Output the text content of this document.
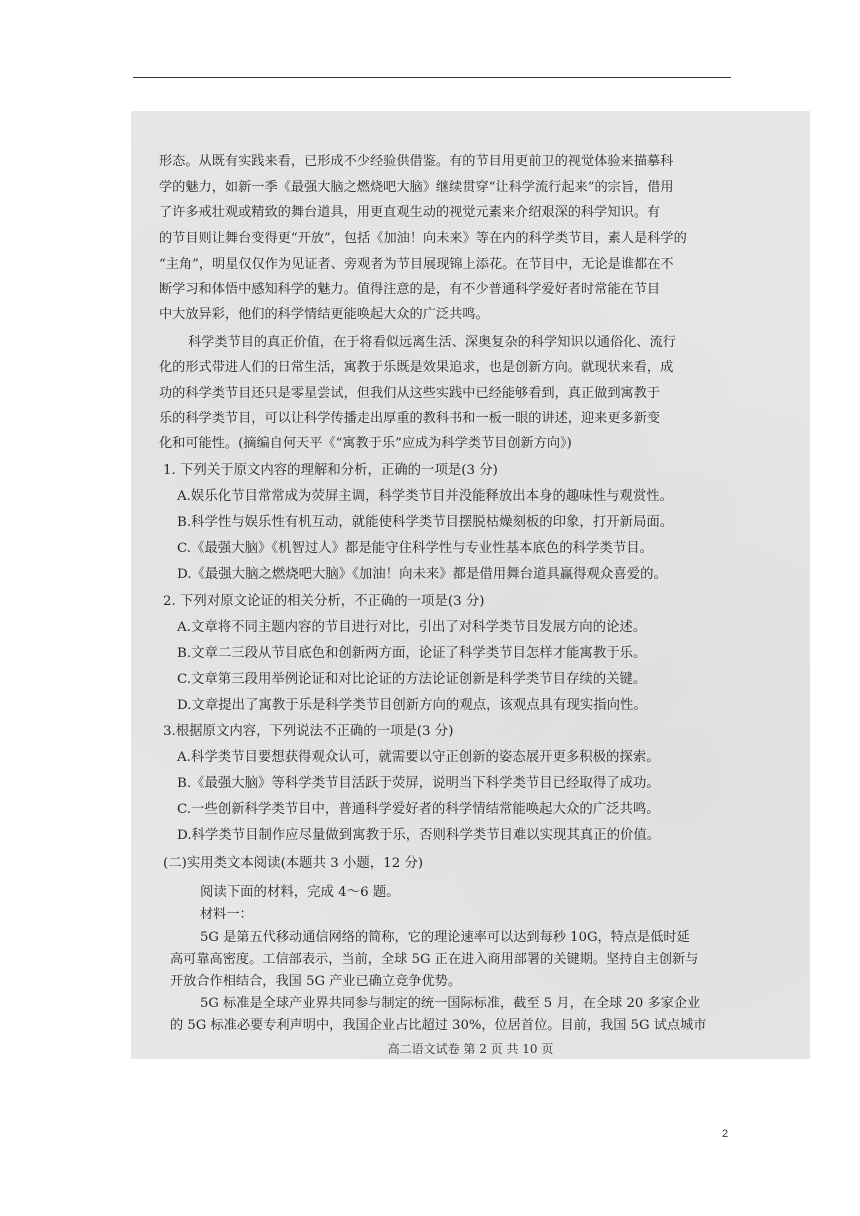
形态。从既有实践来看，已形成不少经验供借鉴。有的节目用更前卫的视觉体验来描摹科
学的魅力，如新一季《最强大脑之燃烧吧大脑》继续贯穿“让科学流行起来”的宗旨，借用
了许多戒壮观或精致的舞台道具，用更直观生动的视觉元素来介绍艰深的科学知识。有
的节目则让舞台变得更“开放”，包括《加油！向未来》等在内的科学类节目，素人是科学的
“主角”，明星仅仅作为见证者、旁观者为节目展现锦上添花。在节目中，无论是谁都在不
断学习和体悟中感知科学的魅力。值得注意的是，有不少普通科学爱好者时常能在节目
中大放异彩，他们的科学情结更能唤起大众的广泛共鸣。
科学类节目的真正价值，在于将看似远离生活、深奥复杂的科学知识以通俗化、流行
化的形式带进人们的日常生活，寓教于乐既是效果追求，也是创新方向。就现状来看，成
功的科学类节目还只是零星尝试，但我们从这些实践中已经能够看到，真正做到寓教于
乐的科学类节目，可以让科学传播走出厚重的教科书和一板一眼的讲述，迎来更多新变
化和可能性。(摘编自何天平《“寓教于乐”应成为科学类节目创新方向》)
1. 下列关于原文内容的理解和分析，正确的一项是(3 分)
A.娱乐化节目常常成为荧屏主调，科学类节目并没能释放出本身的趣味性与观赏性。
B.科学性与娱乐性有机互动，就能使科学类节目摆脱枯燥刻板的印象，打开新局面。
C.《最强大脑》《机智过人》都是能守住科学性与专业性基本底色的科学类节目。
D.《最强大脑之燃烧吧大脑》《加油！向未来》都是借用舞台道具赢得观众喜爱的。
2. 下列对原文论证的相关分析，不正确的一项是(3 分)
A.文章将不同主题内容的节目进行对比，引出了对科学类节目发展方向的论述。
B.文章二三段从节目底色和创新两方面，论证了科学类节目怎样才能寓教于乐。
C.文章第三段用举例论证和对比论证的方法论证创新是科学类节目存续的关键。
D.文章提出了寓教于乐是科学类节目创新方向的观点，该观点具有现实指向性。
3.根据原文内容，下列说法不正确的一项是(3 分)
A.科学类节目要想获得观众认可，就需要以守正创新的姿态展开更多积极的探索。
B.《最强大脑》等科学类节目活跃于荧屏，说明当下科学类节目已经取得了成功。
C.一些创新科学类节目中，普通科学爱好者的科学情结常能唤起大众的广泛共鸣。
D.科学类节目制作应尽量做到寓教于乐，否则科学类节目难以实现其真正的价值。
(二)实用类文本阅读(本题共 3 小题，12 分)
阅读下面的材料，完成 4～6 题。
材料一：
5G 是第五代移动通信网络的简称，它的理论速率可以达到每秒 10G，特点是低时延
高可靠高密度。工信部表示，当前，全球 5G 正在进入商用部署的关键期。坚持自主创新与
开放合作相结合，我国 5G 产业已确立竞争优势。
5G 标准是全球产业界共同参与制定的统一国际标准，截至 5 月，在全球 20 多家企业
高二语文试卷 第 2 页 共 10 页
2
的 5G 标准必要专利声明中，我国企业占比超过 30%，位居首位。目前，我国 5G 试点城市
